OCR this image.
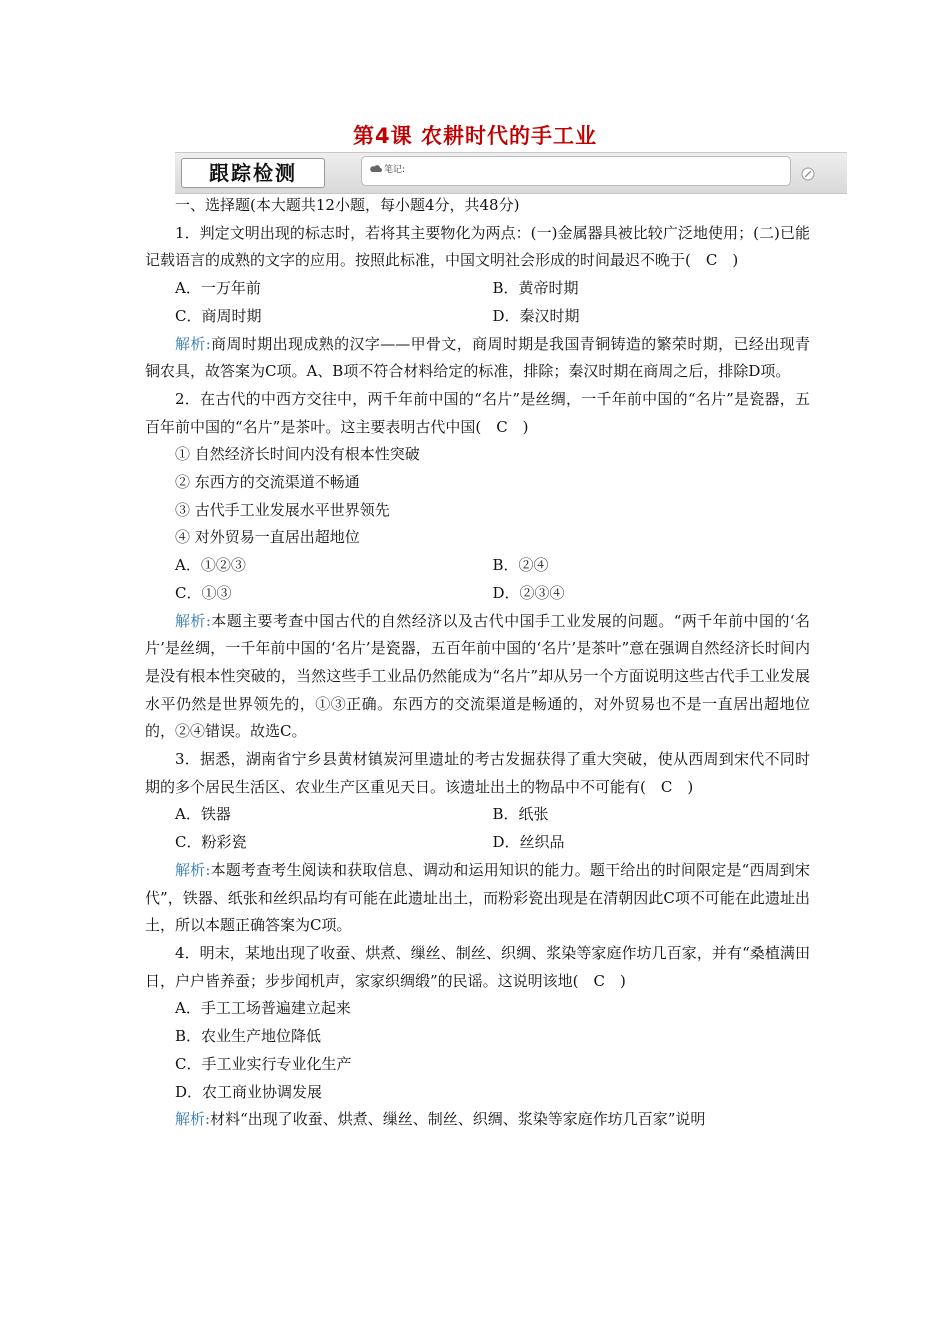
第4课 农耕时代的手工业
跟踪检测	笔记:

一、选择题(本大题共12小题，每小题4分，共48分)

1．判定文明出现的标志时，若将其主要物化为两点：(一)金属器具被比较广泛地使用；(二)已能记载语言的成熟的文字的应用。按照此标准，中国文明社会形成的时间最迟不晚于(　C　)

A．一万年前	B．黄帝时期
C．商周时期	D．秦汉时期

解析:商周时期出现成熟的汉字——甲骨文，商周时期是我国青铜铸造的繁荣时期，已经出现青铜农具，故答案为C项。A、B项不符合材料给定的标准，排除；秦汉时期在商周之后，排除D项。

2．在古代的中西方交往中，两千年前中国的“名片”是丝绸，一千年前中国的“名片”是瓷器，五百年前中国的“名片”是茶叶。这主要表明古代中国(　C　)

① 自然经济长时间内没有根本性突破

② 东西方的交流渠道不畅通

③ 古代手工业发展水平世界领先

④ 对外贸易一直居出超地位

A．①②③	B．②④
C．①③	D．②③④

解析:本题主要考查中国古代的自然经济以及古代中国手工业发展的问题。“两千年前中国的‘名片’是丝绸，一千年前中国的‘名片’是瓷器，五百年前中国的‘名片’是茶叶”意在强调自然经济长时间内是没有根本性突破的，当然这些手工业品仍然能成为“名片”却从另一个方面说明这些古代手工业发展水平仍然是世界领先的，①③正确。东西方的交流渠道是畅通的，对外贸易也不是一直居出超地位的，②④错误。故选C。

3．据悉，湖南省宁乡县黄材镇炭河里遗址的考古发掘获得了重大突破，使从西周到宋代不同时期的多个居民生活区、农业生产区重见天日。该遗址出土的物品中不可能有(　C　)

A．铁器	B．纸张
C．粉彩瓷	D．丝织品

解析:本题考查考生阅读和获取信息、调动和运用知识的能力。题干给出的时间限定是“西周到宋代”，铁器、纸张和丝织品均有可能在此遗址出土，而粉彩瓷出现是在清朝因此C项不可能在此遗址出土，所以本题正确答案为C项。

4．明末，某地出现了收蚕、烘煮、缫丝、制丝、织绸、浆染等家庭作坊几百家，并有“桑植满田日，户户皆养蚕；步步闻机声，家家织绸缎”的民谣。这说明该地(　C　)

A．手工工场普遍建立起来

B．农业生产地位降低

C．手工业实行专业化生产

D．农工商业协调发展

解析:材料“出现了收蚕、烘煮、缫丝、制丝、织绸、浆染等家庭作坊几百家”说明
